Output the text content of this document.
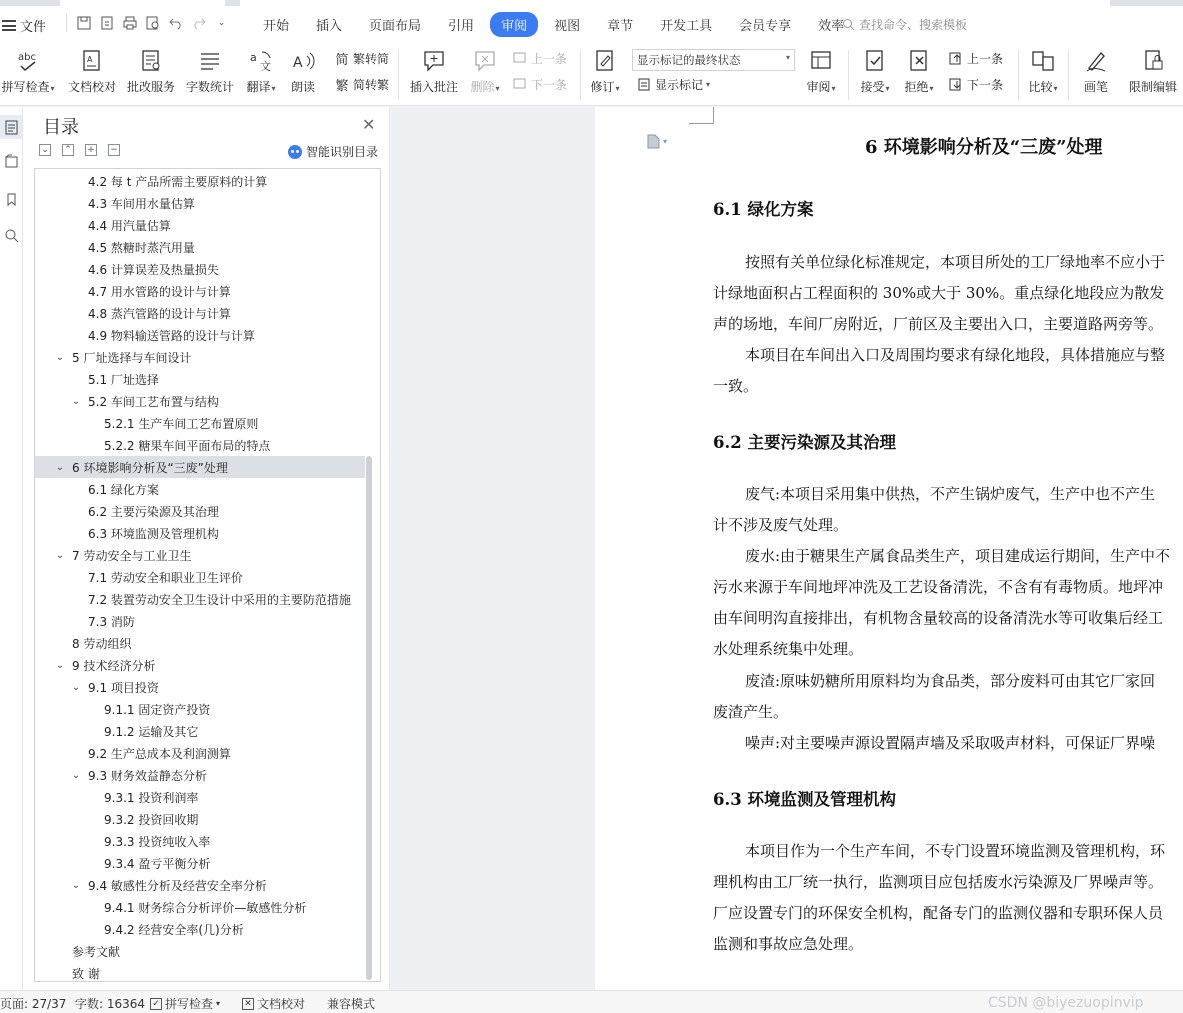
文件	⌄	开始	插入	页面布局	引用	审阅	视图	章节	开发工具	会员专享	效率	查找命令、搜索模板
abc
拼写检查▾
A
文档校对 批改服务 字数统计
a
文
翻译▾
A
朗读
简 繁转简
繁 简转繁 插入批注 删除▾
上一条
下一条 修订▾
显示标记的最终状态	▾
显示标记 ▾	审阅▾ 接受▾ 拒绝▾
上一条
下一条 比较▾ 画笔 限制编辑
目录	✕
⌄ ⌃ + −	智能识别目录
4.2 每 t 产品所需主要原料的计算
4.3 车间用水量估算
4.4 用汽量估算
4.5 熬糖时蒸汽用量
4.6 计算误差及热量损失
4.7 用水管路的设计与计算
4.8 蒸汽管路的设计与计算
4.9 物料输送管路的设计与计算
⌄ 5 厂址选择与车间设计
5.1 厂址选择
⌄ 5.2 车间工艺布置与结构
5.2.1 生产车间工艺布置原则
5.2.2 糖果车间平面布局的特点
⌄ 6 环境影响分析及“三废”处理
6.1 绿化方案
6.2 主要污染源及其治理
6.3 环境监测及管理机构
⌄ 7 劳动安全与工业卫生
7.1 劳动安全和职业卫生评价
7.2 装置劳动安全卫生设计中采用的主要防范措施
7.3 消防
8 劳动组织
⌄ 9 技术经济分析
⌄ 9.1 项目投资
9.1.1 固定资产投资
9.1.2 运输及其它
9.2 生产总成本及利润测算
⌄ 9.3 财务效益静态分析
9.3.1 投资利润率
9.3.2 投资回收期
9.3.3 投资纯收入率
9.3.4 盈亏平衡分析
⌄ 9.4 敏感性分析及经营安全率分析
9.4.1 财务综合分析评价—敏感性分析
9.4.2 经营安全率(几)分析
参考文献
致 谢
6 环境影响分析及“三废”处理
6.1 绿化方案
按照有关单位绿化标准规定，本项目所处的工厂绿地率不应小于
计绿地面积占工程面积的 30%或大于 30%。重点绿化地段应为散发
声的场地，车间厂房附近，厂前区及主要出入口，主要道路两旁等。
本项目在车间出入口及周围均要求有绿化地段，具体措施应与整
一致。
6.2 主要污染源及其治理
废气:本项目采用集中供热，不产生锅炉废气，生产中也不产生
计不涉及废气处理。
废水:由于糖果生产属食品类生产，项目建成运行期间，生产中不
污水来源于车间地坪冲洗及工艺设备清洗，不含有有毒物质。地坪冲
由车间明沟直接排出，有机物含量较高的设备清洗水等可收集后经工
水处理系统集中处理。
废渣:原味奶糖所用原料均为食品类，部分废料可由其它厂家回
废渣产生。
噪声:对主要噪声源设置隔声墙及采取吸声材料，可保证厂界噪
6.3 环境监测及管理机构
本项目作为一个生产车间，不专门设置环境监测及管理机构，环
理机构由工厂统一执行，监测项目应包括废水污染源及厂界噪声等。
厂应设置专门的环保安全机构，配备专门的监测仪器和专职环保人员
监测和事故应急处理。
▾
页面: 27/37 字数: 16364 ✓ 拼写检查 ▾	✕ 文档校对 兼容模式	CSDN @biyezuopinvip
